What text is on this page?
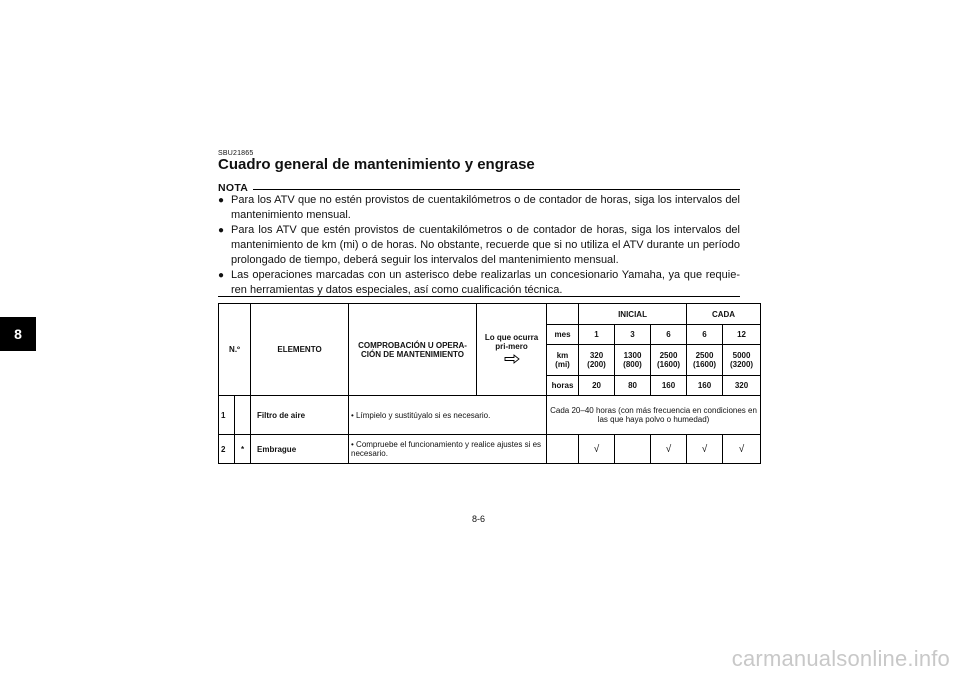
8
SBU21865
Cuadro general de mantenimiento y engrase
NOTA
● Para los ATV que no estén provistos de cuentakilómetros o de contador de horas, siga los intervalos del mantenimiento mensual.
● Para los ATV que estén provistos de cuentakilómetros o de contador de horas, siga los intervalos del mantenimiento de km (mi) o de horas. No obstante, recuerde que si no utiliza el ATV durante un período prolongado de tiempo, deberá seguir los intervalos del mantenimiento mensual.
● Las operaciones marcadas con un asterisco debe realizarlas un concesionario Yamaha, ya que requie-ren herramientas y datos especiales, así como cualificación técnica.
N.º		ELEMENTO	COMPROBACIÓN U OPERA-CIÓN DE MANTENIMIENTO	Lo que ocurra pri-mero		INICIAL			CADA	
					mes	1	3	6	6	12
					km (mi)	320 (200)	1300 (800)	2500 (1600)	2500 (1600)	5000 (3200)
					horas	20	80	160	160	320
1		Filtro de aire	• Límpielo y sustitúyalo si es necesario.		Cada 20–40 horas (con más frecuencia en condiciones en las que haya polvo o humedad)					
2	*	Embrague	• Compruebe el funcionamiento y realice ajustes si es necesario.			√		√	√	√
8-6
carmanualsonline.info
